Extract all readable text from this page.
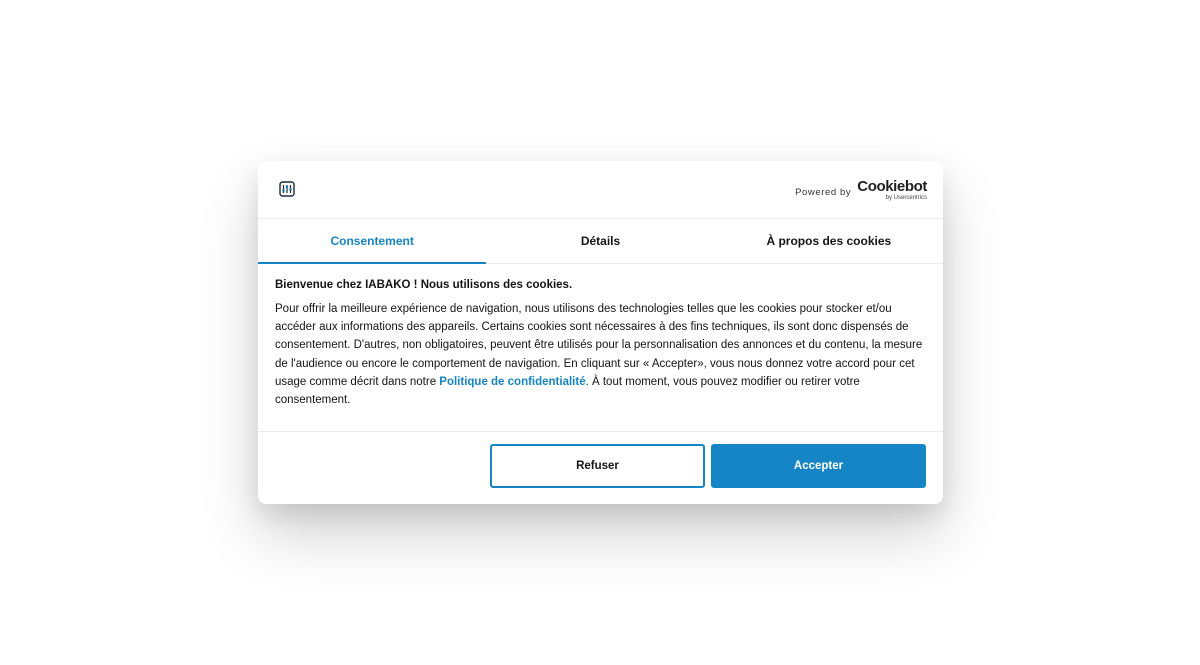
Powered by Cookiebot
by Usercentrics
Consentement	Détails	À propos des cookies

Bienvenue chez IABAKO ! Nous utilisons des cookies.

Pour offrir la meilleure expérience de navigation, nous utilisons des technologies telles que les cookies pour stocker et/ou accéder aux informations des appareils. Certains cookies sont nécessaires à des fins techniques, ils sont donc dispensés de consentement. D'autres, non obligatoires, peuvent être utilisés pour la personnalisation des annonces et du contenu, la mesure de l'audience ou encore le comportement de navigation. En cliquant sur « Accepter», vous nous donnez votre accord pour cet usage comme décrit dans notre Politique de confidentialité. À tout moment, vous pouvez modifier ou retirer votre consentement.

Refuser	Accepter
